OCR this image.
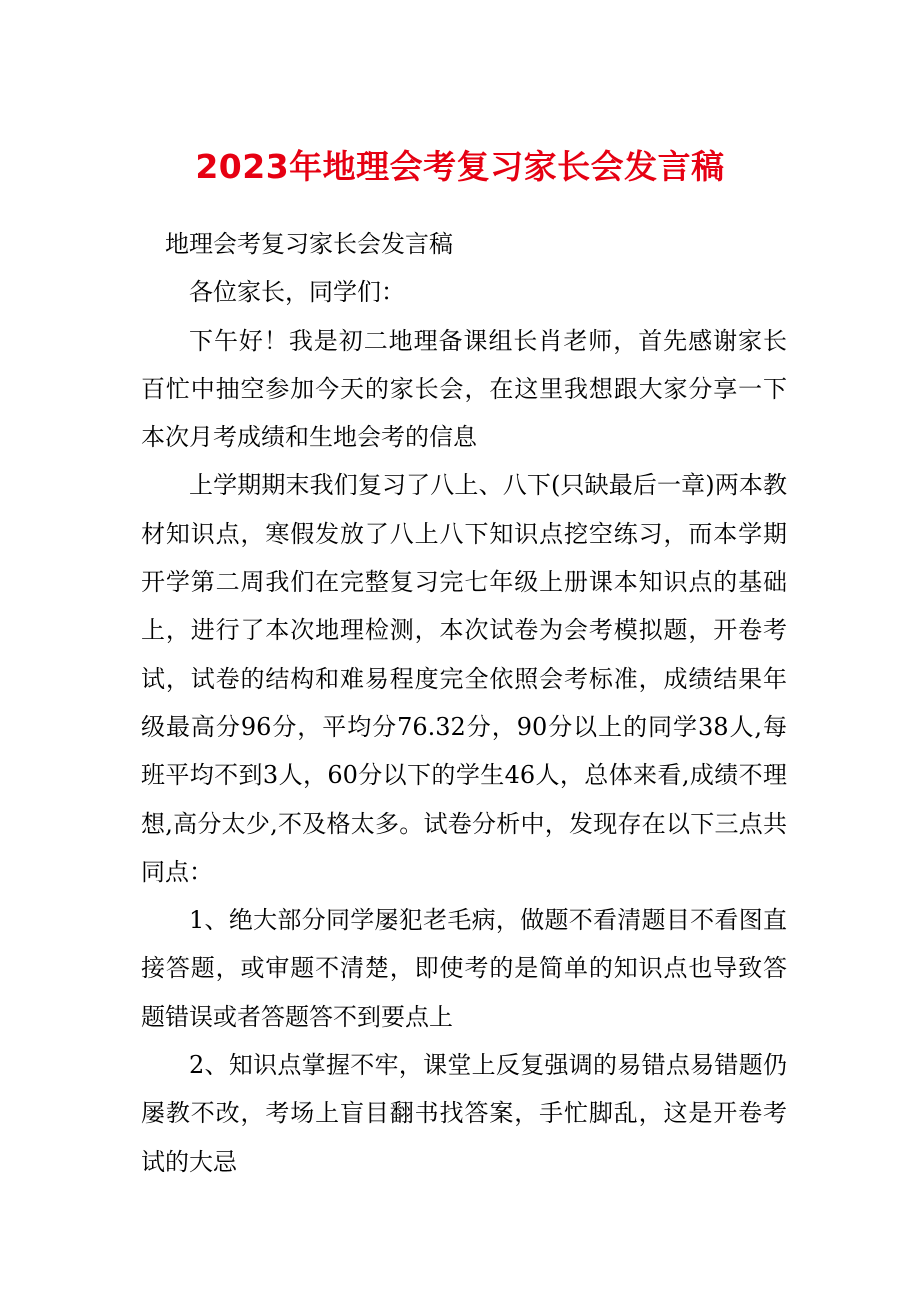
2023年地理会考复习家长会发言稿

地理会考复习家长会发言稿

各位家长，同学们：

下午好！我是初二地理备课组长肖老师，首先感谢家长百忙中抽空参加今天的家长会，在这里我想跟大家分享一下本次月考成绩和生地会考的信息

上学期期末我们复习了八上、八下(只缺最后一章)两本教材知识点，寒假发放了八上八下知识点挖空练习，而本学期开学第二周我们在完整复习完七年级上册课本知识点的基础上，进行了本次地理检测，本次试卷为会考模拟题，开卷考试，试卷的结构和难易程度完全依照会考标准，成绩结果年级最高分96分，平均分76.32分，90分以上的同学38人,每班平均不到3人，60分以下的学生46人，总体来看,成绩不理想,高分太少,不及格太多。试卷分析中，发现存在以下三点共同点：

1、绝大部分同学屡犯老毛病，做题不看清题目不看图直接答题，或审题不清楚，即使考的是简单的知识点也导致答题错误或者答题答不到要点上

2、知识点掌握不牢，课堂上反复强调的易错点易错题仍屡教不改，考场上盲目翻书找答案，手忙脚乱，这是开卷考试的大忌
